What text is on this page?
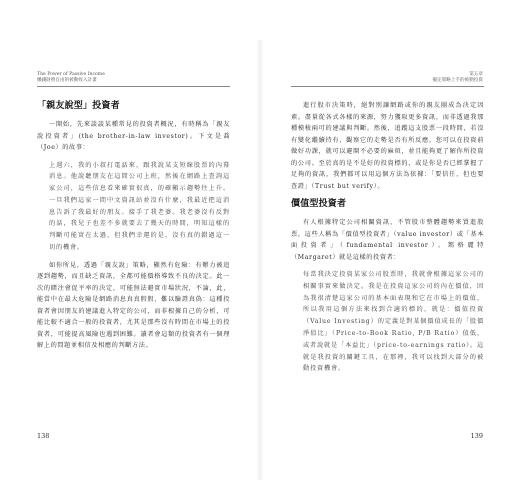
The Power of Passive Income
懶錢財務自由的被動收入計畫
「親友說型」投資者

一開始，先來談談某種常見的投資者概況，有時稱為「親友說投資者」(the brother-in-law investor)。下文是喬（Joe）的故事：

上週六，我的小叔打電話來，跟我說某支短線股票的內幕消息。他說聽朋友在這間公司上班，然後在網路上查詢這家公司，這些信息看來確實很真，的確顯示趨勢往上升。一旦我們這家一間中文資訊站並沒有什麼，我最近把這消息告訴了我最好的朋友。接手了我老婆。我老婆沒有反對的話，我兒子也差不多就要去了幾天的時間，明知這樣的判斷可能實在太過，但我們幸運的是，沒有真的錯過這一切的機會。

如你所見，透過「親友說」策略，顯然有危險：有辦力被追逐到趨勢，而且缺乏資訊，全都可能價格導致不良的決定。此一次的賭注會促平率的決定，可能無法避實市場狀況，不論，此，能當中在最大危險是網路消息真真假假，難以驗證真偽：這種投資者會因朋友的建議進入特定的公司，而非根據自己的分析，可能比較不適合一般的投資者，尤其是那些沒有時間在市場上的投資者，可能提高風險也遇到困難。讀者會這類的投資者有一個理解上的問題並相信及相應的判斷方法。

138
第五章
擬定策略上手的被動投資

進行股市決策時，絕對別讓網路或你的親友團成為決定因素。盡量從各式各樣的來源，努力獲取更多資訊，而非透過我那種模稜兩可的建議與判斷。然後，追蹤這支股票一段時間，若沒有變化繼續持有，觀察它的走勢是否有所反應。您可以在投資前做好功課，就可以避開不必要的麻煩，並且能夠更了解你所投資的公司。至於真的是不是好的投資標的，或是你是否已經掌握了足夠的資訊，我們都可以用這個方法為依據：「要信任，但也要查證」（Trust but verify）。

價值型投資者

有人根據特定公司相關資訊，不管股市整體趨勢來買進股票，這些人稱為「價值型投資者」（value investor）或「基本面投資者」（fundamental investor）。瑪格麗特（Margaret）就是這樣的投資者：

每當我決定投資某家公司股票時，我就會根據這家公司的相關事實來做決定。我是在投資這家公司的內在價值，因為我很清楚這家公司的基本面表現和它在市場上的價值，所以我用這個方法來找到合適的標的，就是：價值投資（Value Investing）的定義是對某個價值成長的「股價淨值比」（Price-to-Book Ratio, P/B Ratio）值低，或者說就是「本益比」（price-to-earnings ratio）。這就是我投資的關鍵工具，在那裡，我可以找到大部分的被動投資機會。
139
